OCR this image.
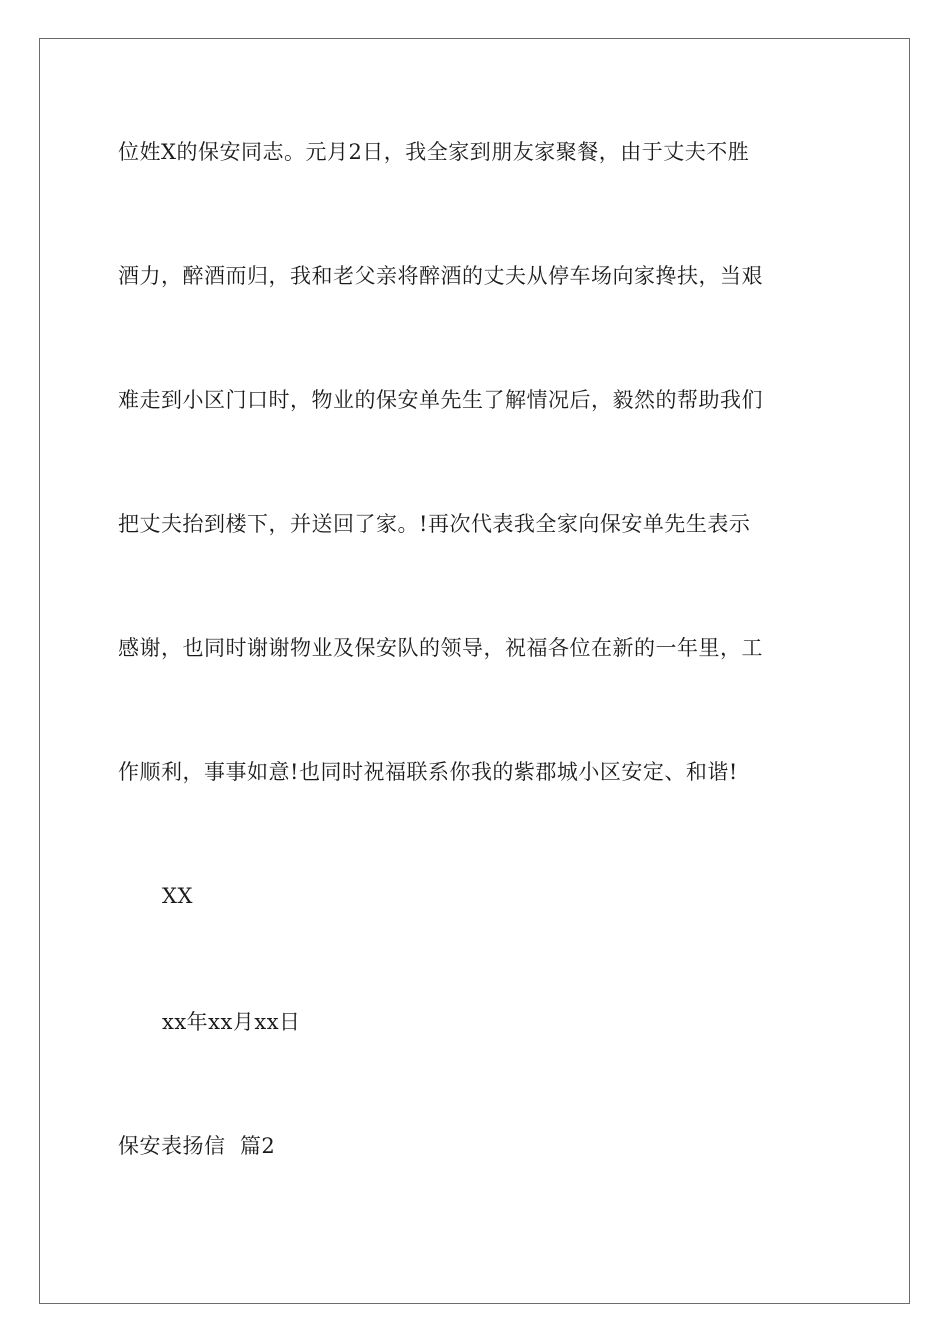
位姓X的保安同志。元月2日，我全家到朋友家聚餐，由于丈夫不胜
酒力，醉酒而归，我和老父亲将醉酒的丈夫从停车场向家搀扶，当艰
难走到小区门口时，物业的保安单先生了解情况后，毅然的帮助我们
把丈夫抬到楼下，并送回了家。!再次代表我全家向保安单先生表示
感谢，也同时谢谢物业及保安队的领导，祝福各位在新的一年里，工
作顺利，事事如意!也同时祝福联系你我的紫郡城小区安定、和谐!
XX
xx年xx月xx日
保安表扬信  篇2
